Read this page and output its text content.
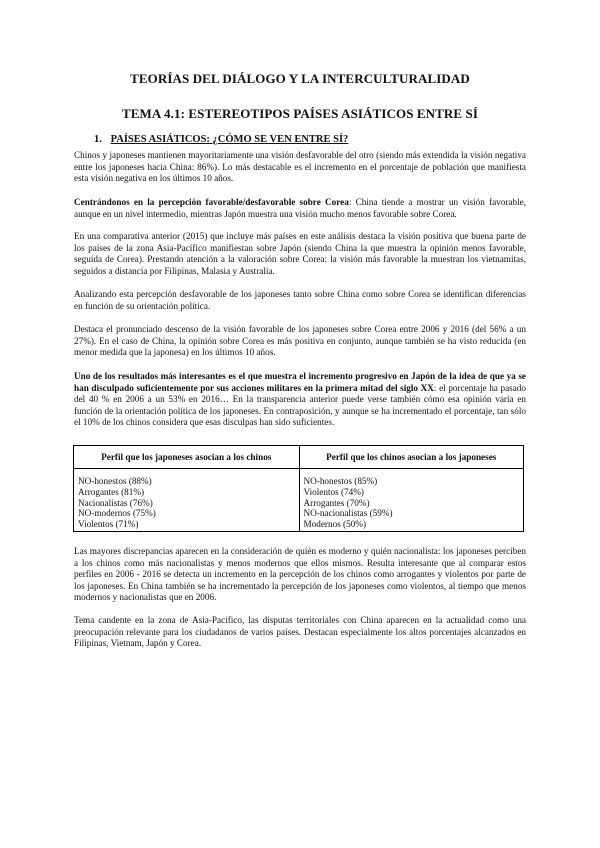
TEORÍAS DEL DIÁLOGO Y LA INTERCULTURALIDAD
TEMA 4.1: ESTEREOTIPOS PAÍSES ASIÁTICOS ENTRE SÍ
1. PAÍSES ASIÁTICOS: ¿CÓMO SE VEN ENTRE SÍ?
Chinos y japoneses mantienen mayoritariamente una visión desfavorable del otro (siendo más extendida la visión negativa entre los japoneses hacia China: 86%). Lo más destacable es el incremento en el porcentaje de población que manifiesta esta visión negativa en los últimos 10 años.
Centrándonos en la percepción favorable/desfavorable sobre Corea: China tiende a mostrar un visión favorable, aunque en un nivel intermedio, mientras Japón muestra una visión mucho menos favorable sobre Corea.
En una comparativa anterior (2015) que incluye más países en este análisis destaca la visión positiva que buena parte de los países de la zona Asia-Pacífico manifiestan sobre Japón (siendo China la que muestra la opinión menos favorable, seguida de Corea). Prestando atención a la valoración sobre Corea: la visión más favorable la muestran los vietnamitas, seguidos a distancia por Filipinas, Malasia y Australia.
Analizando esta percepción desfavorable de los japoneses tanto sobre China como sobre Corea se identifican diferencias en función de su orientación política.
Destaca el pronunciado descenso de la visión favorable de los japoneses sobre Corea entre 2006 y 2016 (del 56% a un 27%). En el caso de China, la opinión sobre Corea es más positiva en conjunto, aunque también se ha visto reducida (en menor medida que la japonesa) en los últimos 10 años.
Uno de los resultados más interesantes es el que muestra el incremento progresivo en Japón de la idea de que ya se han disculpado suficientemente por sus acciones militares en la primera mitad del siglo XX: el porcentaje ha pasado del 40 % en 2006 a un 53% en 2016… En la transparencia anterior puede verse también cómo esa opinión varía en función de la orientación política de los japoneses. En contraposición, y aunque se ha incrementado el porcentaje, tan sólo el 10% de los chinos considera que esas disculpas han sido suficientes.
Perfil que los japoneses asocian a los chinos
NO-honestos (88%)
Arrogantes (81%)
Nacionalistas (76%)
NO-modernos (75%)
Violentos (71%)
Perfil que los chinos asocian a los japoneses
NO-honestos (85%)
Violentos (74%)
Arrogantes (70%)
NO-nacionalistas (59%)
Modernos (50%)
Las mayores discrepancias aparecen en la consideración de quién es moderno y quién nacionalista: los japoneses perciben a los chinos como más nacionalistas y menos modernos que ellos mismos. Resulta interesante que al comparar estos perfiles en 2006 - 2016 se detecta un incremento en la percepción de los chinos como arrogantes y violentos por parte de los japoneses. En China también se ha incrementado la percepción de los japoneses como violentos, al tiempo que menos modernos y nacionalistas que en 2006.
Tema candente en la zona de Asia-Pacífico, las disputas territoriales con China aparecen en la actualidad como una preocupación relevante para los ciudadanos de varios países. Destacan especialmente los altos porcentajes alcanzados en Filipinas, Vietnam, Japón y Corea.
